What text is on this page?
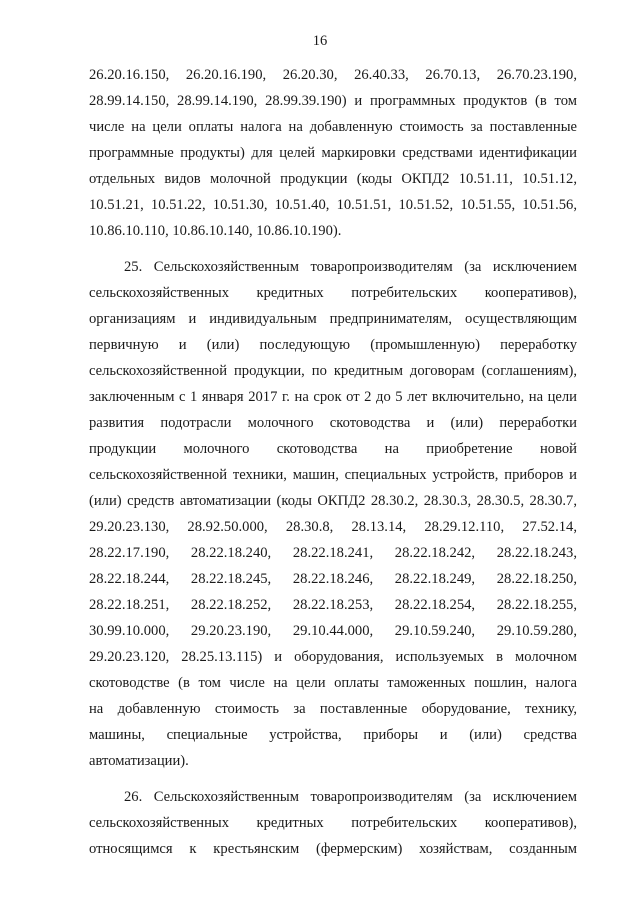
16
26.20.16.150, 26.20.16.190, 26.20.30, 26.40.33, 26.70.13, 26.70.23.190,
28.99.14.150, 28.99.14.190, 28.99.39.190) и программных продуктов (в том
числе на цели оплаты налога на добавленную стоимость за поставленные
программные продукты) для целей маркировки средствами идентификации
отдельных видов молочной продукции (коды ОКПД2 10.51.11, 10.51.12,
10.51.21, 10.51.22, 10.51.30, 10.51.40, 10.51.51, 10.51.52, 10.51.55, 10.51.56,
10.86.10.110, 10.86.10.140, 10.86.10.190).
25. Сельскохозяйственным товаропроизводителям (за исключением
сельскохозяйственных кредитных потребительских кооперативов),
организациям и индивидуальным предпринимателям, осуществляющим
первичную и (или) последующую (промышленную) переработку
сельскохозяйственной продукции, по кредитным договорам (соглашениям),
заключенным с 1 января 2017 г. на срок от 2 до 5 лет включительно, на цели
развития подотрасли молочного скотоводства и (или) переработки
продукции молочного скотоводства на приобретение новой
сельскохозяйственной техники, машин, специальных устройств, приборов и
(или) средств автоматизации (коды ОКПД2 28.30.2, 28.30.3, 28.30.5, 28.30.7,
29.20.23.130, 28.92.50.000, 28.30.8, 28.13.14, 28.29.12.110, 27.52.14,
28.22.17.190, 28.22.18.240, 28.22.18.241, 28.22.18.242, 28.22.18.243,
28.22.18.244, 28.22.18.245, 28.22.18.246, 28.22.18.249, 28.22.18.250,
28.22.18.251, 28.22.18.252, 28.22.18.253, 28.22.18.254, 28.22.18.255,
30.99.10.000, 29.20.23.190, 29.10.44.000, 29.10.59.240, 29.10.59.280,
29.20.23.120, 28.25.13.115) и оборудования, используемых в молочном
скотоводстве (в том числе на цели оплаты таможенных пошлин, налога
на добавленную стоимость за поставленные оборудование, технику,
машины, специальные устройства, приборы и (или) средства
автоматизации).
26. Сельскохозяйственным товаропроизводителям (за исключением
сельскохозяйственных кредитных потребительских кооперативов),
относящимся к крестьянским (фермерским) хозяйствам, созданным
